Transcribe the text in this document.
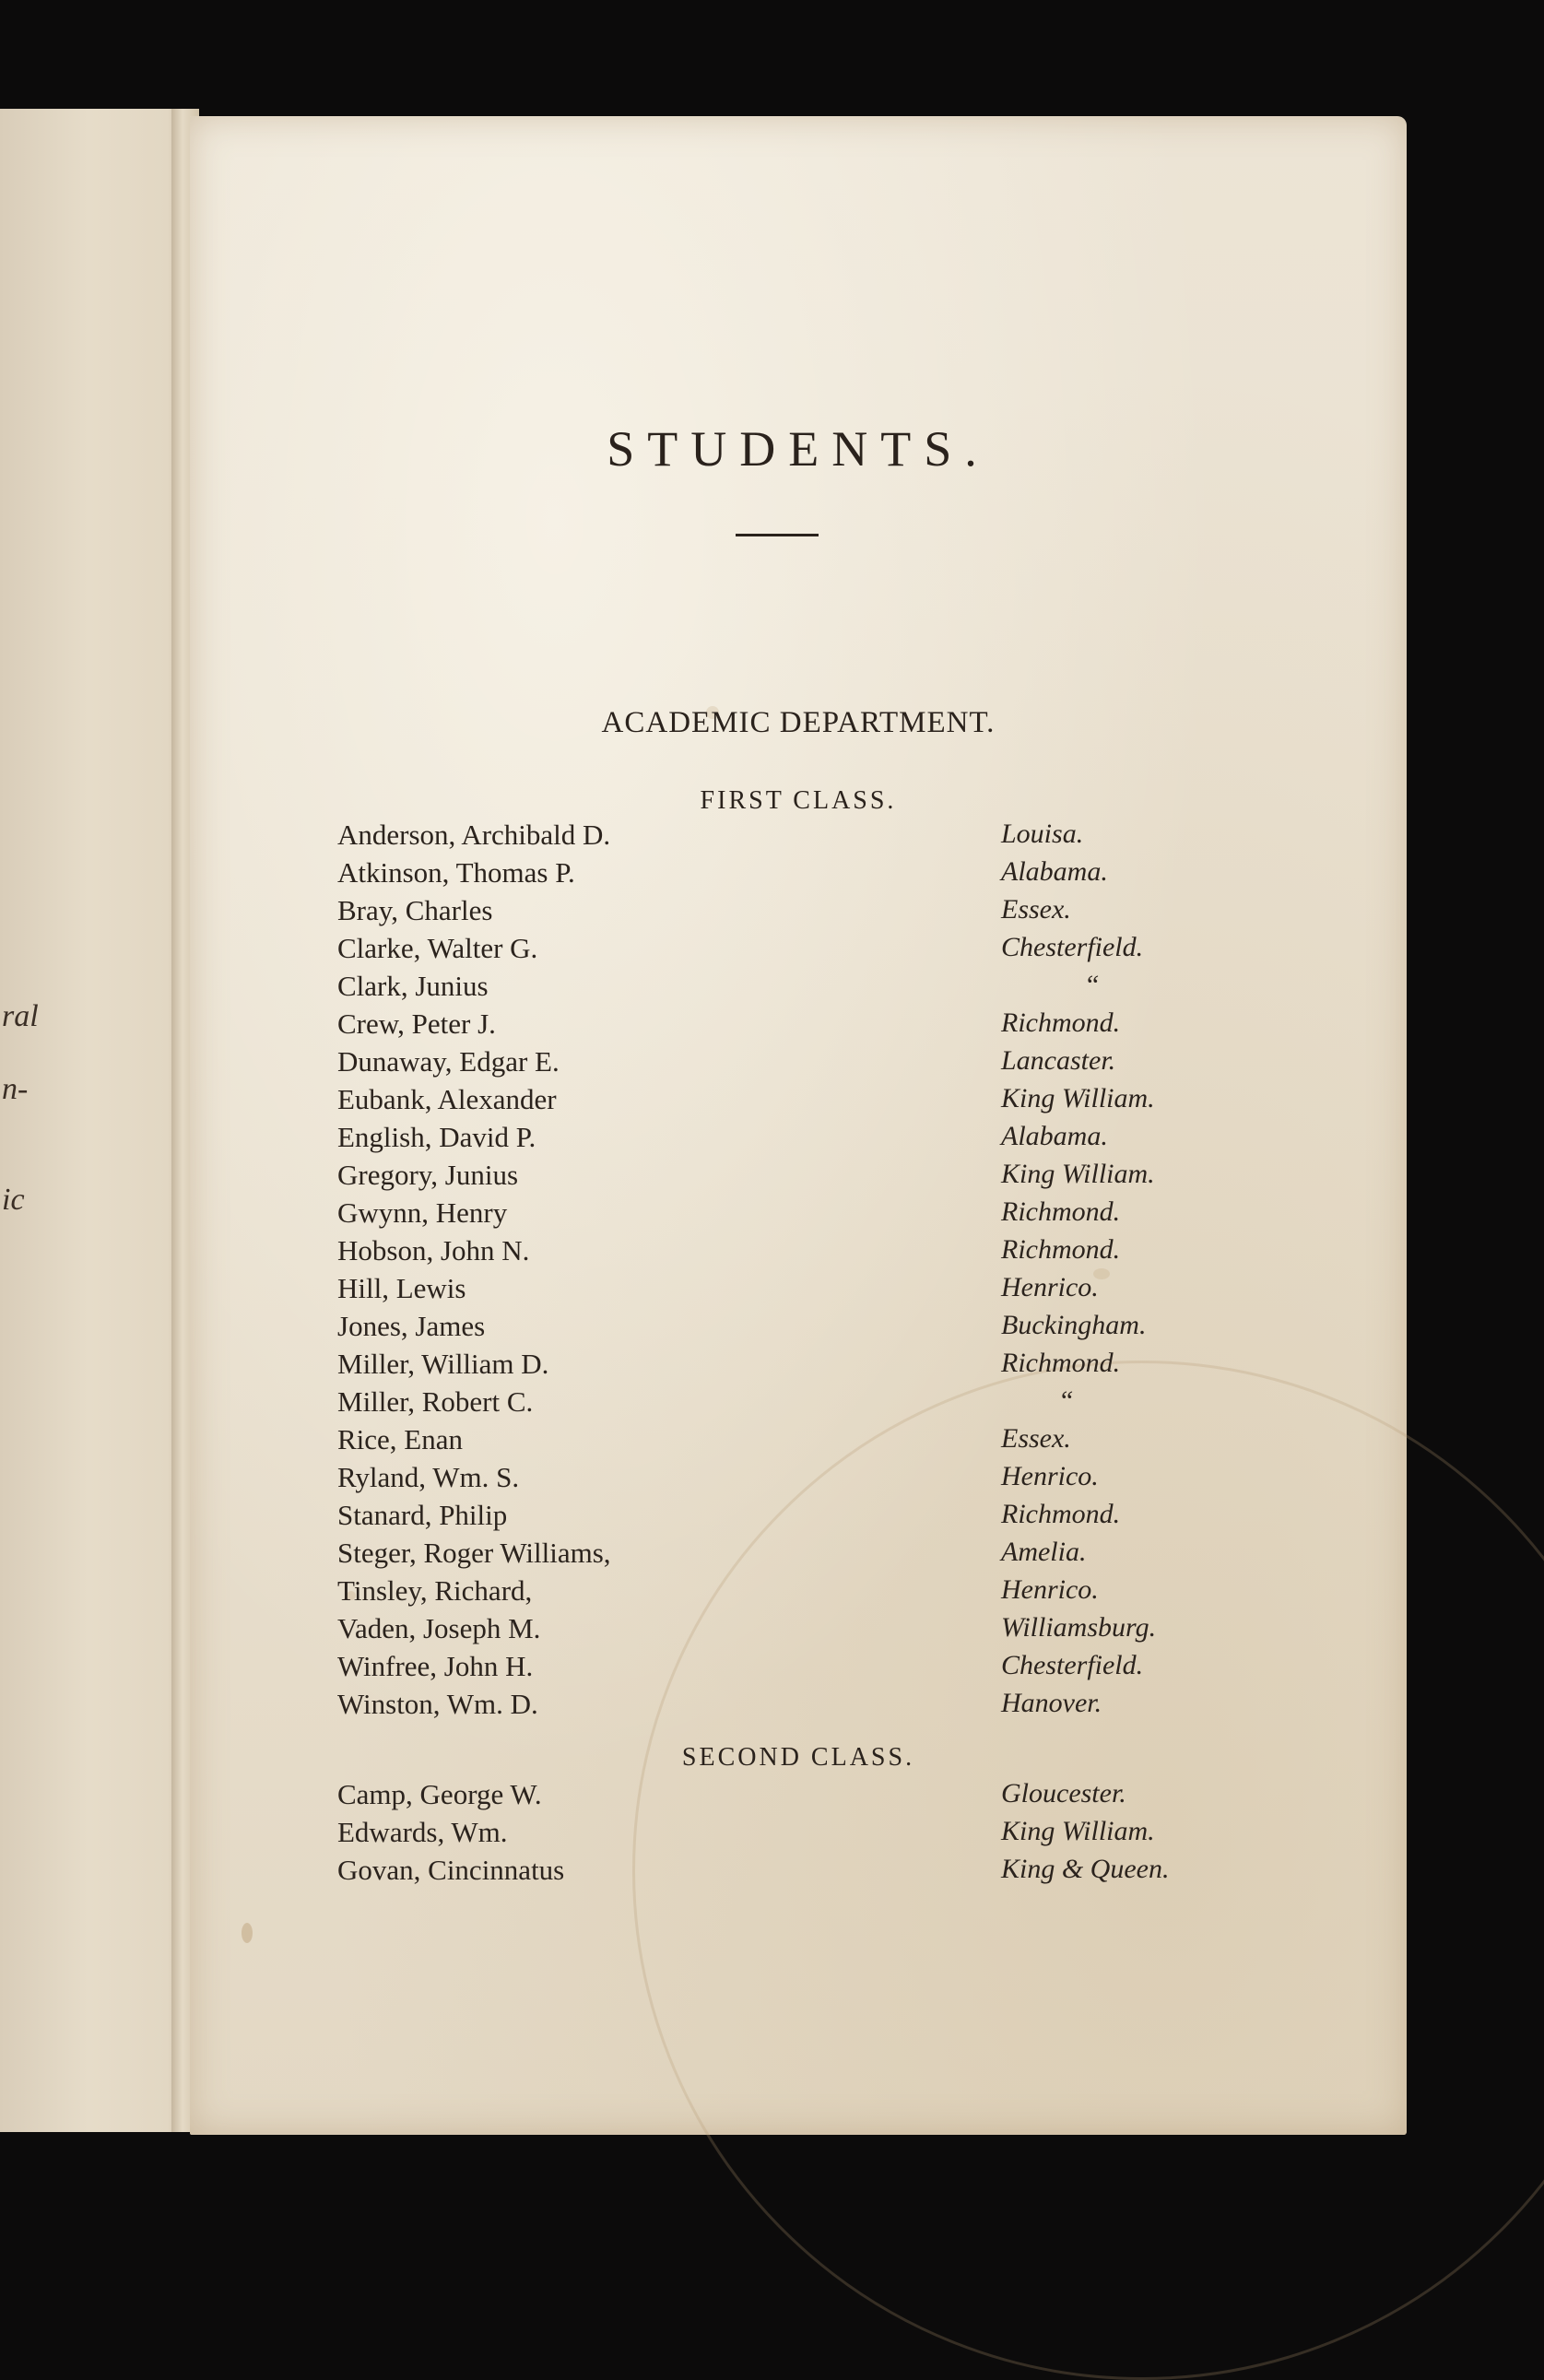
ral
n-
ic
STUDENTS.
ACADEMIC DEPARTMENT.
FIRST CLASS.
Anderson, Archibald D.	Louisa.
Atkinson, Thomas P.	Alabama.
Bray, Charles	Essex.
Clarke, Walter G.	Chesterfield.
Clark, Junius	“
Crew, Peter J.	Richmond.
Dunaway, Edgar E.	Lancaster.
Eubank, Alexander	King William.
English, David P.	Alabama.
Gregory, Junius	King William.
Gwynn, Henry	Richmond.
Hobson, John N.	Richmond.
Hill, Lewis	Henrico.
Jones, James	Buckingham.
Miller, William D.	Richmond.
Miller, Robert C.	“
Rice, Enan	Essex.
Ryland, Wm. S.	Henrico.
Stanard, Philip	Richmond.
Steger, Roger Williams,	Amelia.
Tinsley, Richard,	Henrico.
Vaden, Joseph M.	Williamsburg.
Winfree, John H.	Chesterfield.
Winston, Wm. D.	Hanover.
SECOND CLASS.
Camp, George W.	Gloucester.
Edwards, Wm.	King William.
Govan, Cincinnatus	King & Queen.
